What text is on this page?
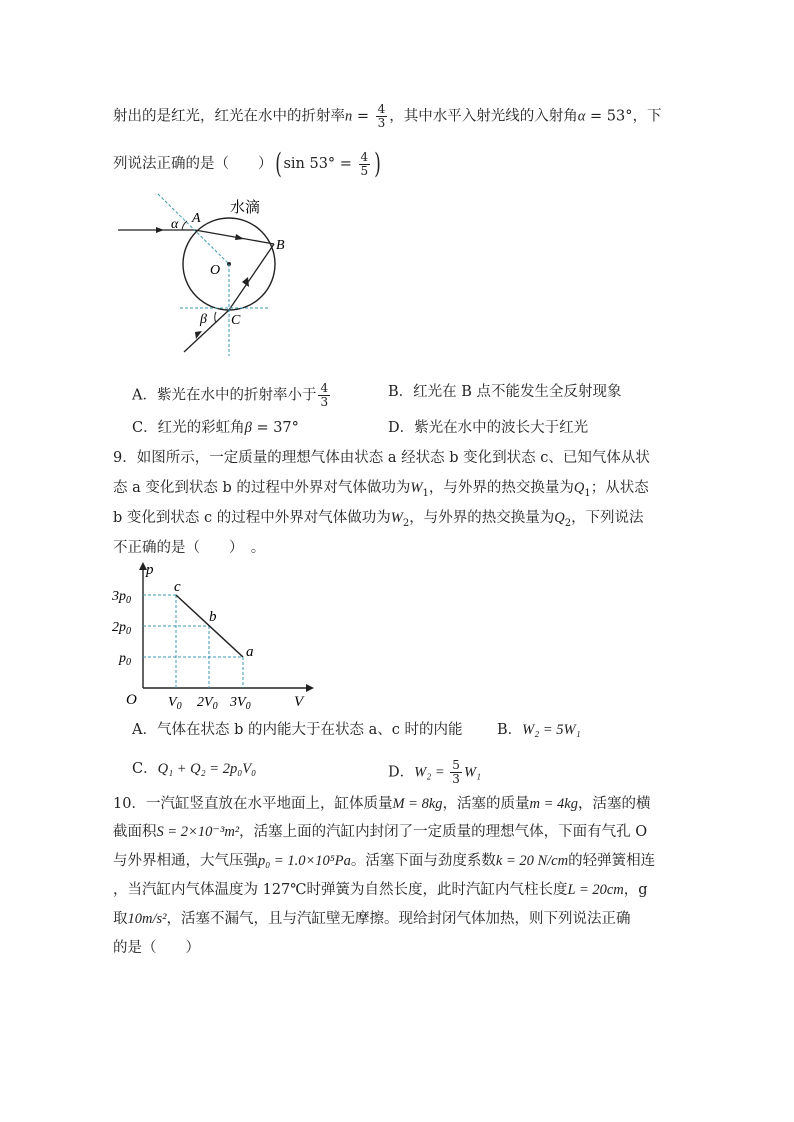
射出的是红光，红光在水中的折射率$n = \frac{4}{3}$ ，其中水平入射光线的入射角α = 53°，下
列说法正确的是（　　）( $\sin 53^\circ = \frac{4}{5}$ )
α A
B
O
C
β
水滴
A．紫光在水中的折射率小于 $\frac{4}{3}$	B．红光在 B 点不能发生全反射现象
C．红光的彩虹角β = 37°	D．紫光在水中的波长大于红光
9．如图所示，一定质量的理想气体由状态 a 经状态 b 变化到状态 c、已知气体从状
态 a 变化到状态 b 的过程中外界对气体做功为$W_1$，与外界的热交换量为$Q_1$；从状态
b 变化到状态 c 的过程中外界对气体做功为$W_2$，与外界的热交换量为$Q_2$，下列说法
不正确的是（　　）　。
p
V
O
$3p_0$
$2p_0$
$p_0$
$V_0$ $2V_0$ $3V_0$
c
b
a
A．气体在状态 b 的内能大于在状态 a、c 时的内能 B．W₂ = 5W₁
C．Q₁ + Q₂ = 2p₀V₀	D．$W_2 = \frac{5}{3} W_1$
10．一汽缸竖直放在水平地面上，缸体质量M = 8kg，活塞的质量m = 4kg，活塞的横
截面积S = 2×10⁻³m²，活塞上面的汽缸内封闭了一定质量的理想气体，下面有气孔 O
与外界相通，大气压强p₀ = 1.0×10⁵Pa。活塞下面与劲度系数k = 20 N/cm的轻弹簧相连
，当汽缸内气体温度为 127℃时弹簧为自然长度，此时汽缸内气柱长度L = 20cm，g
取10m/s²，活塞不漏气，且与汽缸壁无摩擦。现给封闭气体加热，则下列说法正确
的是（　　）
